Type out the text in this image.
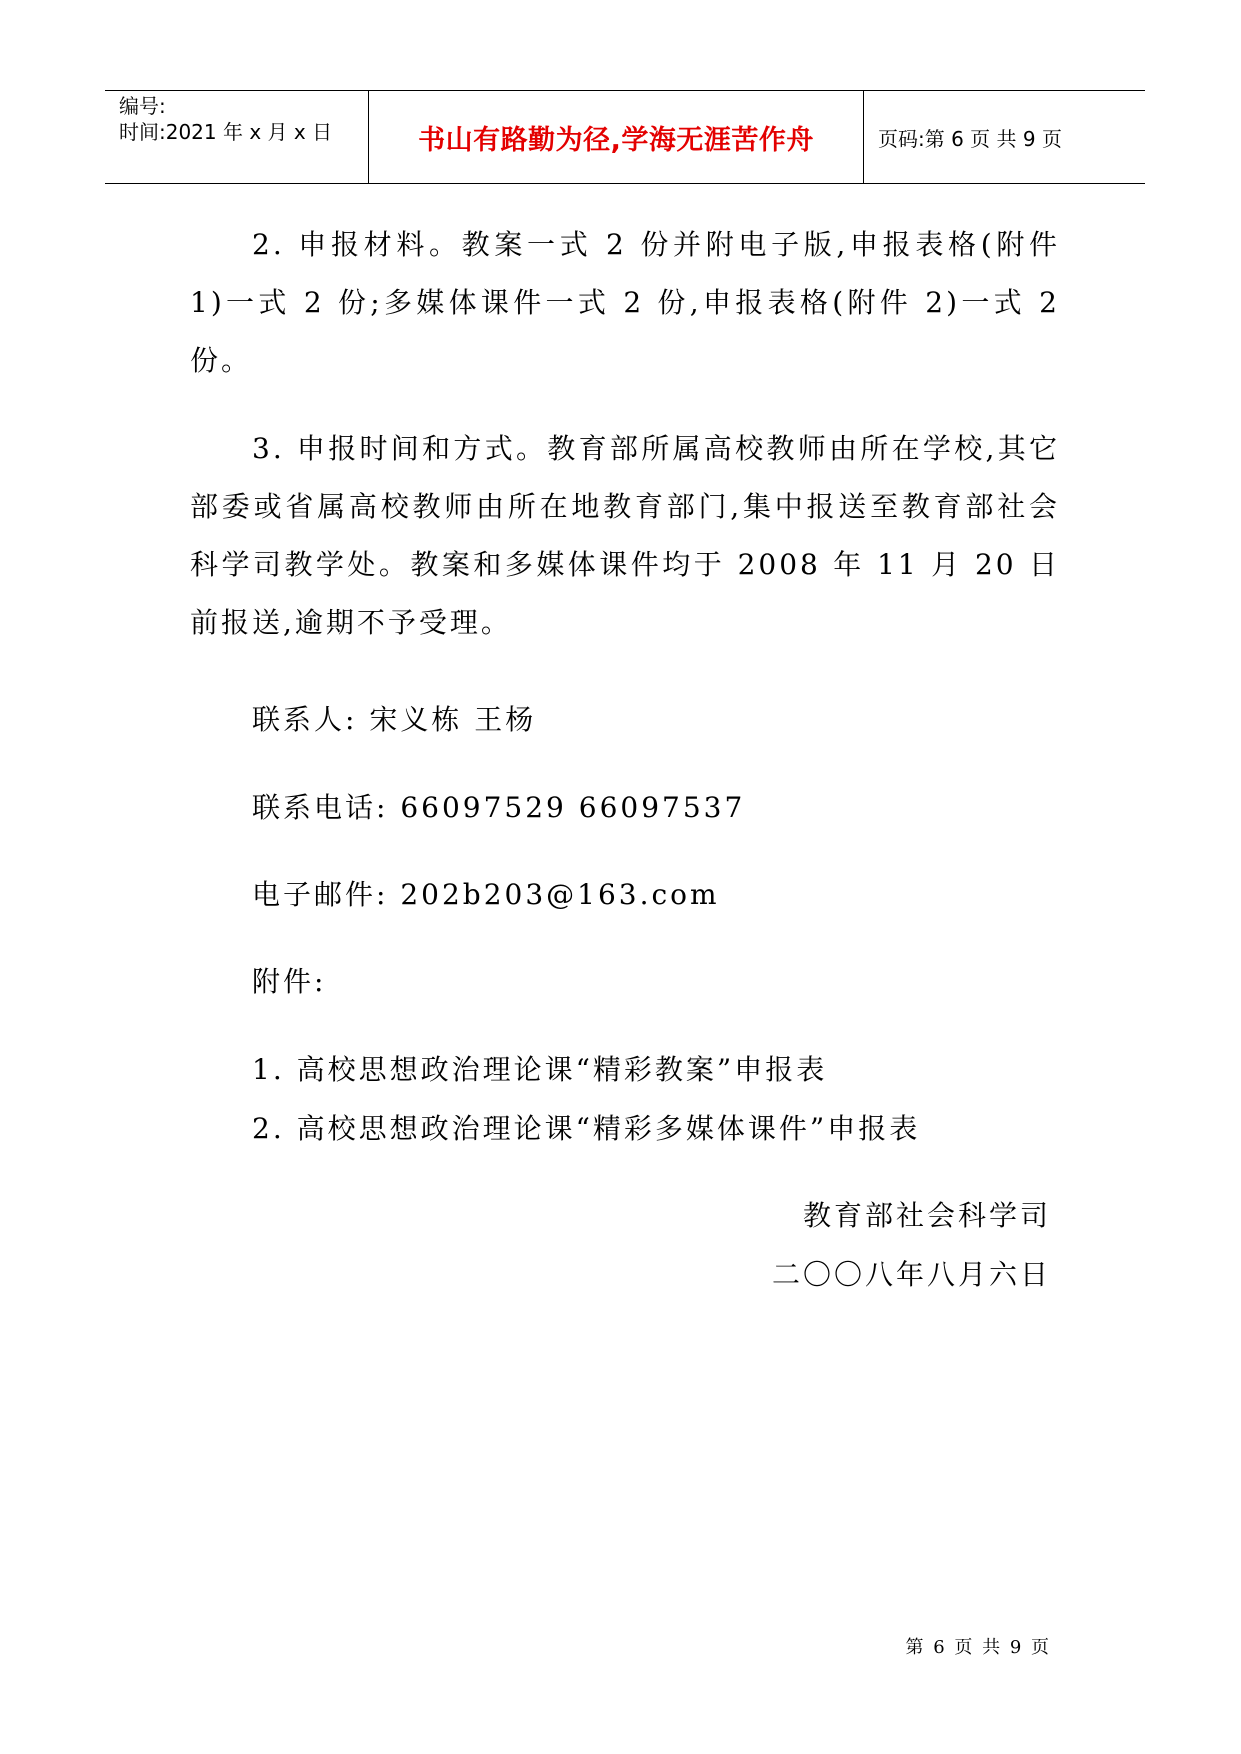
编号:
时间:2021 年 x 月 x 日	书山有路勤为径,学海无涯苦作舟	页码:第 6 页 共 9 页

2. 申报材料。教案一式 2 份并附电子版,申报表格(附件 1)一式 2 份;多媒体课件一式 2 份,申报表格(附件 2)一式 2 份。

3. 申报时间和方式。教育部所属高校教师由所在学校,其它部委或省属高校教师由所在地教育部门,集中报送至教育部社会科学司教学处。教案和多媒体课件均于 2008 年 11 月 20 日前报送,逾期不予受理。

联系人: 宋义栋 王杨
联系电话: 66097529 66097537
电子邮件: 202b203@163.com
附件:
1. 高校思想政治理论课“精彩教案”申报表
2. 高校思想政治理论课“精彩多媒体课件”申报表
教育部社会科学司
二〇〇八年八月六日
第 6 页 共 9 页
